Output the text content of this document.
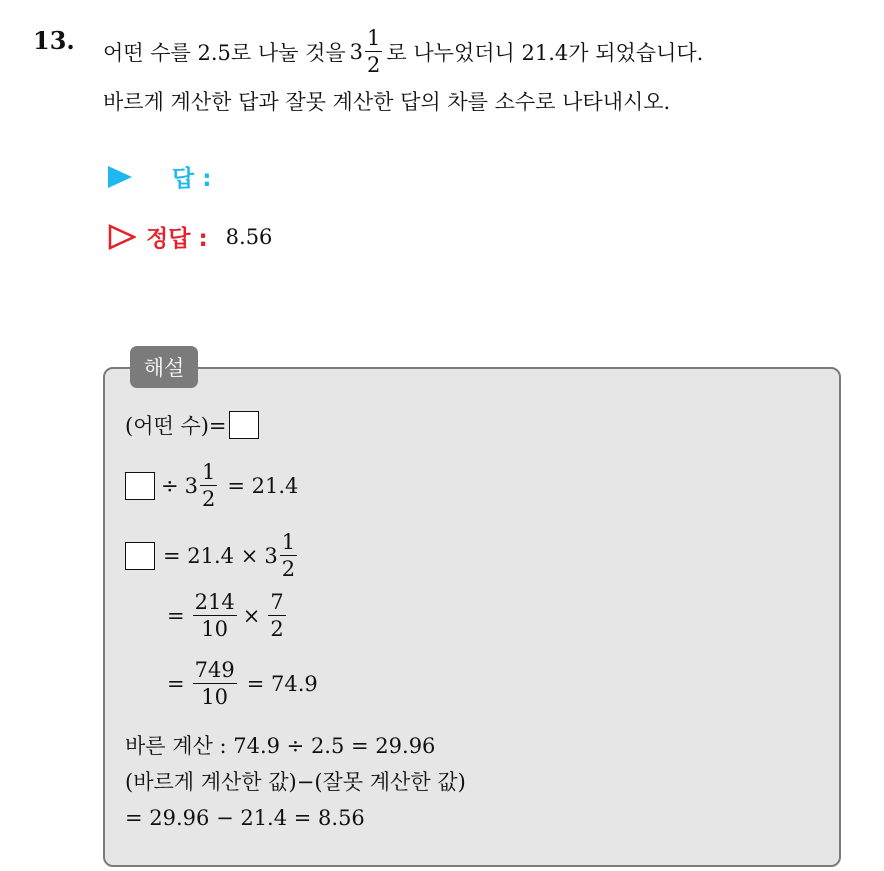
13. 어떤 수를 2.5로 나눌 것을 $3 \frac{1}{2}$ 로 나누었더니 21.4가 되었습니다.
바르게 계산한 답과 잘못 계산한 답의 차를 소수로 나타내시오.
답 :
정답 : 8.56
해설
(어떤 수)=
÷ $3 \frac{1}{2} = 21.4$
= $21.4 \times 3 \frac{1}{2}$
= $\frac{214}{10} \times \frac{7}{2}$
= $\frac{749}{10} = 74.9$
바른 계산 : 74.9 ÷ 2.5 = 29.96
(바르게 계산한 값)−(잘못 계산한 값)
= 29.96 − 21.4 = 8.56
